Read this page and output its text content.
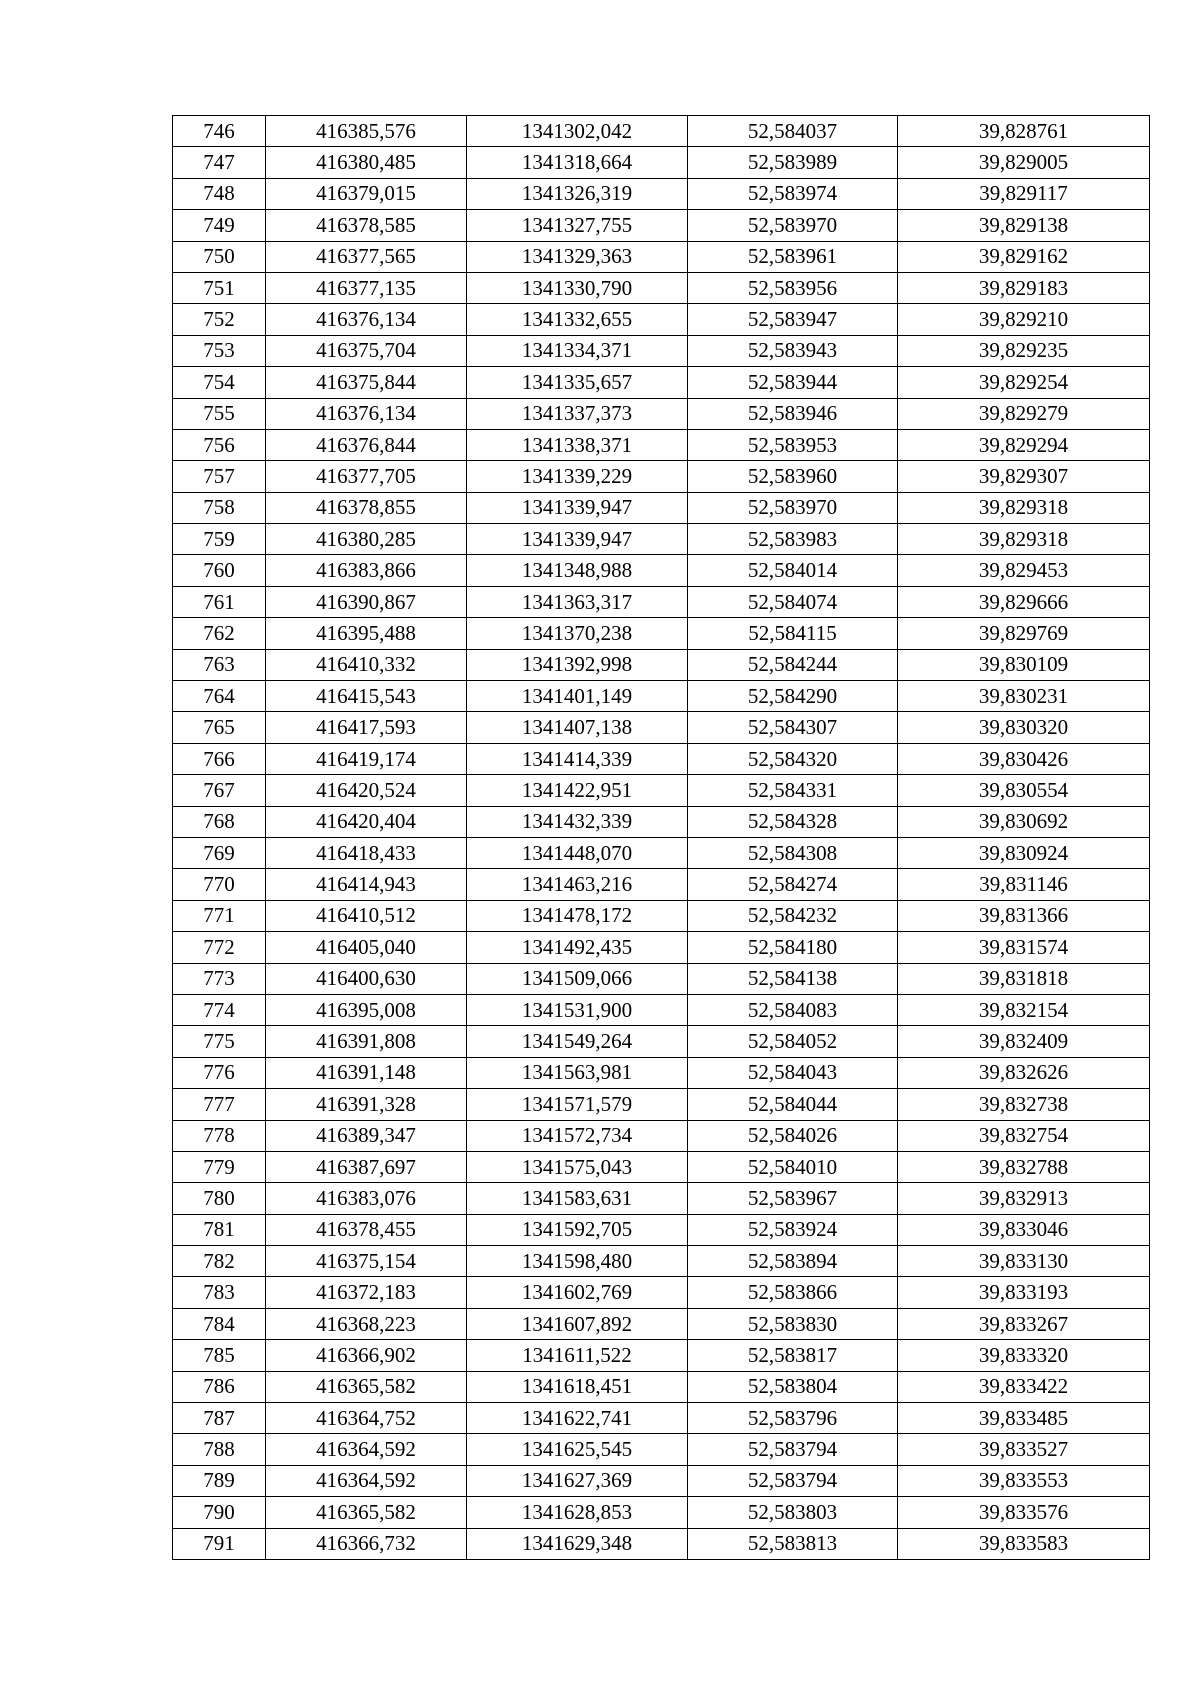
746	416385,576	1341302,042	52,584037	39,828761
747	416380,485	1341318,664	52,583989	39,829005
748	416379,015	1341326,319	52,583974	39,829117
749	416378,585	1341327,755	52,583970	39,829138
750	416377,565	1341329,363	52,583961	39,829162
751	416377,135	1341330,790	52,583956	39,829183
752	416376,134	1341332,655	52,583947	39,829210
753	416375,704	1341334,371	52,583943	39,829235
754	416375,844	1341335,657	52,583944	39,829254
755	416376,134	1341337,373	52,583946	39,829279
756	416376,844	1341338,371	52,583953	39,829294
757	416377,705	1341339,229	52,583960	39,829307
758	416378,855	1341339,947	52,583970	39,829318
759	416380,285	1341339,947	52,583983	39,829318
760	416383,866	1341348,988	52,584014	39,829453
761	416390,867	1341363,317	52,584074	39,829666
762	416395,488	1341370,238	52,584115	39,829769
763	416410,332	1341392,998	52,584244	39,830109
764	416415,543	1341401,149	52,584290	39,830231
765	416417,593	1341407,138	52,584307	39,830320
766	416419,174	1341414,339	52,584320	39,830426
767	416420,524	1341422,951	52,584331	39,830554
768	416420,404	1341432,339	52,584328	39,830692
769	416418,433	1341448,070	52,584308	39,830924
770	416414,943	1341463,216	52,584274	39,831146
771	416410,512	1341478,172	52,584232	39,831366
772	416405,040	1341492,435	52,584180	39,831574
773	416400,630	1341509,066	52,584138	39,831818
774	416395,008	1341531,900	52,584083	39,832154
775	416391,808	1341549,264	52,584052	39,832409
776	416391,148	1341563,981	52,584043	39,832626
777	416391,328	1341571,579	52,584044	39,832738
778	416389,347	1341572,734	52,584026	39,832754
779	416387,697	1341575,043	52,584010	39,832788
780	416383,076	1341583,631	52,583967	39,832913
781	416378,455	1341592,705	52,583924	39,833046
782	416375,154	1341598,480	52,583894	39,833130
783	416372,183	1341602,769	52,583866	39,833193
784	416368,223	1341607,892	52,583830	39,833267
785	416366,902	1341611,522	52,583817	39,833320
786	416365,582	1341618,451	52,583804	39,833422
787	416364,752	1341622,741	52,583796	39,833485
788	416364,592	1341625,545	52,583794	39,833527
789	416364,592	1341627,369	52,583794	39,833553
790	416365,582	1341628,853	52,583803	39,833576
791	416366,732	1341629,348	52,583813	39,833583
